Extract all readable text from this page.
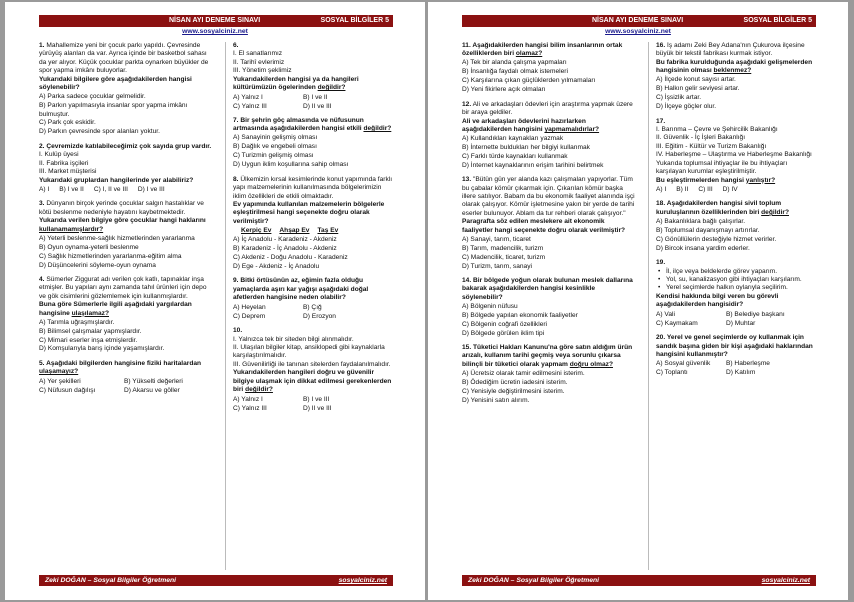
NİSAN AYI DENEME SINAVI	SOSYAL BİLGİLER 5
www.sosyalciniz.net
1. Mahallemize yeni bir çocuk parkı yapıldı. Çevresinde yürüyüş alanları da var. Ayrıca içinde bir basketbol sahası da yer alıyor. Küçük çocuklar parkta oynarken büyükler de spor yapma imkânı buluyorlar.
Yukarıdaki bilgilere göre aşağıdakilerden hangisi söylenebilir?
A) Parka sadece çocuklar gelmelidir.
B) Parkın yapılmasıyla insanlar spor yapma imkânı bulmuştur.
C) Park çok eskidir.
D) Parkın çevresinde spor alanları yoktur.
2. Çevremizde katılabileceğimiz çok sayıda grup vardır.
I. Kulüp üyesi
II. Fabrika işçileri
III. Market müşterisi
Yukarıdaki gruplardan hangilerinde yer alabiliriz?
A) I B) I ve II C) I, II ve III D) I ve III
3. Dünyanın birçok yerinde çocuklar salgın hastalıklar ve kötü beslenme nedeniyle hayatını kaybetmektedir.
Yukarıda verilen bilgiye göre çocuklar hangi haklarını kullanamamışlardır?
A) Yeterli beslenme-sağlık hizmetlerinden yararlanma
B) Oyun oynama-yeterli beslenme
C) Sağlık hizmetlerinden yararlanma-eğitim alma
D) Düşüncelerini söyleme-oyun oynama
4. Sümerler Ziggurat adı verilen çok katlı, tapınaklar inşa etmişler. Bu yapıları aynı zamanda tahıl ürünleri için depo ve gök cisimlerini gözlemlemek için kullanmışlardır.
Buna göre Sümerlerle ilgili aşağıdaki yargılardan hangisine ulaşılamaz?
A) Tarımla uğraşmışlardır.
B) Bilimsel çalışmalar yapmışlardır.
C) Mimari eserler inşa etmişlerdir.
D) Komşularıyla barış içinde yaşamışlardır.
5. Aşağıdaki bilgilerden hangisine fiziki haritalardan ulaşamayız?
A) Yer şekilleri	B) Yükselti değerleri
C) Nüfusun dağılışı	D) Akarsu ve göller
6.
I. El sanatlarımız
II. Tarihî evlerimiz
III. Yönetim şeklimiz
Yukarıdakilerden hangisi ya da hangileri kültürümüzün ögelerinden değildir?
A) Yalnız I	B) I ve II
C) Yalnız III	D) II ve III
7. Bir şehrin göç almasında ve nüfusunun artmasında aşağıdakilerden hangisi etkili değildir?
A) Sanayinin gelişmiş olması
B) Dağlık ve engebeli olması
C) Turizmin gelişmiş olması
D) Uygun iklim koşullarına sahip olması
8. Ülkemizin kırsal kesimlerinde konut yapımında farklı yapı malzemelerinin kullanılmasında bölgelerimizin iklim özellikleri de etkili olmaktadır.
Ev yapımında kullanılan malzemelerin bölgelerle eşleştirilmesi hangi seçenekte doğru olarak verilmiştir?
Kerpiç Ev Ahşap Ev Taş Ev
A) İç Anadolu - Karadeniz - Akdeniz
B) Karadeniz - İç Anadolu - Akdeniz
C) Akdeniz - Doğu Anadolu - Karadeniz
D) Ege - Akdeniz - İç Anadolu
9. Bitki örtüsünün az, eğimin fazla olduğu yamaçlarda aşırı kar yağışı aşağıdaki doğal afetlerden hangisine neden olabilir?
A) Heyelan	B) Çığ
C) Deprem	D) Erozyon
10.
I. Yalnızca tek bir siteden bilgi alınmalıdır.
II. Ulaşılan bilgiler kitap, ansiklopedi gibi kaynaklarla karşılaştırılmalıdır.
III. Güvenilirliği ile tanınan sitelerden faydalanılmalıdır.
Yukarıdakilerden hangileri doğru ve güvenilir bilgiye ulaşmak için dikkat edilmesi gerekenlerden biri değildir?
A) Yalnız I	B) I ve III
C) Yalnız III	D) II ve III
Zeki DOĞAN – Sosyal Bilgiler Öğretmeni	sosyalciniz.net
NİSAN AYI DENEME SINAVI	SOSYAL BİLGİLER 5
www.sosyalciniz.net
11. Aşağıdakilerden hangisi bilim insanlarının ortak özelliklerden biri olamaz?
A) Tek bir alanda çalışma yapmaları
B) İnsanlığa faydalı olmak istemeleri
C) Karşılarına çıkan güçlüklerden yılmamaları
D) Yeni fikirlere açık olmaları
12. Ali ve arkadaşları ödevleri için araştırma yapmak üzere bir araya geldiler.
Ali ve arkadaşları ödevlerini hazırlarken aşağıdakilerden hangisini yapmamalıdırlar?
A) Kullandıkları kaynakları yazmak
B) İnternette buldukları her bilgiyi kullanmak
C) Farklı türde kaynakları kullanmak
D) İnternet kaynaklarının erişim tarihini belirtmek
13. "Bütün gün yer alanda kazı çalışmaları yapıyorlar. Tüm bu çabalar kömür çıkarmak için. Çıkarılan kömür başka illere satılıyor. Babam da bu ekonomik faaliyet alanında işçi olarak çalışıyor. Kömür işletmesine yakın bir yerde de tarihi eserler bulunuyor. Ablam da tur rehberi olarak çalışıyor."
Paragrafta söz edilen meslekere ait ekonomik faaliyetler hangi seçenekte doğru olarak verilmiştir?
A) Sanayi, tarım, ticaret
B) Tarım, madencilik, turizm
C) Madencilik, ticaret, turizm
D) Turizm, tarım, sanayi
14. Bir bölgede yoğun olarak bulunan meslek dallarına bakarak aşağıdakilerden hangisi kesinlikle söylenebilir?
A) Bölgenin nüfusu
B) Bölgede yapılan ekonomik faaliyetler
C) Bölgenin coğrafi özellikleri
D) Bölgede görülen iklim tipi
15. Tüketici Hakları Kanunu'na göre satın aldığım ürün arızalı, kullanım tarihi geçmiş veya sorunlu çıkarsa bilinçli bir tüketici olarak yapmam doğru olmaz?
A) Ücretsiz olarak tamir edilmesini isterim.
B) Ödediğim ücretin iadesini isterim.
C) Yenisiyle değiştirilmesini isterim.
D) Yenisini satın alırım.
16. İş adamı Zeki Bey Adana'nın Çukurova ilçesine büyük bir tekstil fabrikası kurmak istiyor.
Bu fabrika kurulduğunda aşağıdaki gelişmelerden hangisinin olması beklenmez?
A) İlçede konut sayısı artar.
B) Halkın gelir seviyesi artar.
C) İşsizlik artar.
D) İlçeye göçler olur.
17.
I. Barınma – Çevre ve Şehircilik Bakanlığı
II. Güvenlik - İç İşleri Bakanlığı
III. Eğitim - Kültür ve Turizm Bakanlığı
IV. Haberleşme – Ulaştırma ve Haberleşme Bakanlığı
Yukarıda toplumsal ihtiyaçlar ile bu ihtiyaçları karşılayan kurumlar eşleştirilmiştir.
Bu eşleştirmelerden hangisi yanlıştır?
A) I B) II C) III D) IV
18. Aşağıdakilerden hangisi sivil toplum kuruluşlarının özelliklerinden biri değildir?
A) Bakanlıklara bağlı çalışırlar.
B) Toplumsal dayanışmayı artırırlar.
C) Gönüllülerin desteğiyle hizmet verirler.
D) Bircok insana yardim ederler.
19.
• İl, ilçe veya beldelerde görev yaparım.
• Yol, su, kanalizasyon gibi ihtiyaçları karşılarım.
• Yerel seçimlerde halkın oylarıyla seçilirim.
Kendisi hakkında bilgi veren bu görevli aşağıdakilerden hangisidir?
A) Vali	B) Belediye başkanı
C) Kaymakam	D) Muhtar
20. Yerel ve genel seçimlerde oy kullanmak için sandık başına giden bir kişi aşağıdaki haklarından hangisini kullanmıştır?
A) Sosyal güvenlik	B) Haberleşme
C) Toplantı	D) Katılım
Zeki DOĞAN – Sosyal Bilgiler Öğretmeni	sosyalciniz.net
